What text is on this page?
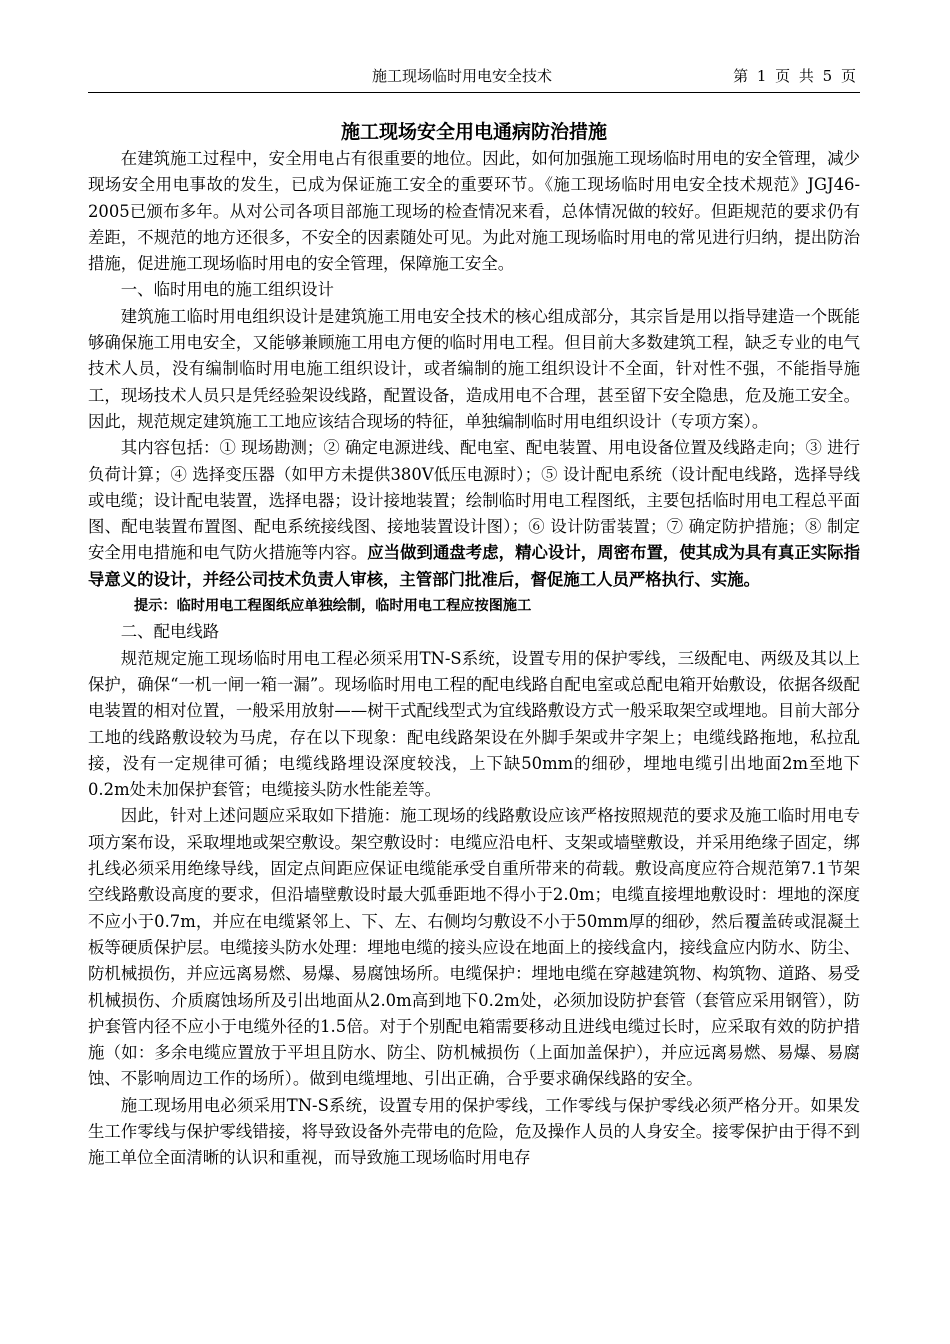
施工现场临时用电安全技术	第 1 页 共 5 页
施工现场安全用电通病防治措施

在建筑施工过程中，安全用电占有很重要的地位。因此，如何加强施工现场临时用电的安全管理，减少现场安全用电事故的发生，已成为保证施工安全的重要环节。《施工现场临时用电安全技术规范》JGJ46-2005已颁布多年。从对公司各项目部施工现场的检查情况来看，总体情况做的较好。但距规范的要求仍有差距，不规范的地方还很多，不安全的因素随处可见。为此对施工现场临时用电的常见进行归纳，提出防治措施，促进施工现场临时用电的安全管理，保障施工安全。

一、临时用电的施工组织设计

建筑施工临时用电组织设计是建筑施工用电安全技术的核心组成部分，其宗旨是用以指导建造一个既能够确保施工用电安全，又能够兼顾施工用电方便的临时用电工程。但目前大多数建筑工程，缺乏专业的电气技术人员，没有编制临时用电施工组织设计，或者编制的施工组织设计不全面，针对性不强，不能指导施工，现场技术人员只是凭经验架设线路，配置设备，造成用电不合理，甚至留下安全隐患，危及施工安全。因此，规范规定建筑施工工地应该结合现场的特征，单独编制临时用电组织设计（专项方案）。

其内容包括：① 现场勘测；② 确定电源进线、配电室、配电装置、用电设备位置及线路走向；③ 进行负荷计算；④ 选择变压器（如甲方未提供380V低压电源时）；⑤ 设计配电系统（设计配电线路，选择导线或电缆；设计配电装置，选择电器；设计接地装置；绘制临时用电工程图纸，主要包括临时用电工程总平面图、配电装置布置图、配电系统接线图、接地装置设计图）；⑥ 设计防雷装置；⑦ 确定防护措施；⑧ 制定安全用电措施和电气防火措施等内容。应当做到通盘考虑，精心设计，周密布置，使其成为具有真正实际指导意义的设计，并经公司技术负责人审核，主管部门批准后，督促施工人员严格执行、实施。

提示：临时用电工程图纸应单独绘制，临时用电工程应按图施工

二、配电线路

规范规定施工现场临时用电工程必须采用TN-S系统，设置专用的保护零线，三级配电、两级及其以上保护，确保“一机一闸一箱一漏”。现场临时用电工程的配电线路自配电室或总配电箱开始敷设，依据各级配电装置的相对位置，一般采用放射——树干式配线型式为宜线路敷设方式一般采取架空或埋地。目前大部分工地的线路敷设较为马虎，存在以下现象：配电线路架设在外脚手架或井字架上；电缆线路拖地，私拉乱接，没有一定规律可循；电缆线路埋设深度较浅，上下缺50mm的细砂，埋地电缆引出地面2m至地下0.2m处未加保护套管；电缆接头防水性能差等。

因此，针对上述问题应采取如下措施：施工现场的线路敷设应该严格按照规范的要求及施工临时用电专项方案布设，采取埋地或架空敷设。架空敷设时：电缆应沿电杆、支架或墙壁敷设，并采用绝缘子固定，绑扎线必须采用绝缘导线，固定点间距应保证电缆能承受自重所带来的荷载。敷设高度应符合规范第7.1节架空线路敷设高度的要求，但沿墙壁敷设时最大弧垂距地不得小于2.0m；电缆直接埋地敷设时：埋地的深度不应小于0.7m，并应在电缆紧邻上、下、左、右侧均匀敷设不小于50mm厚的细砂，然后覆盖砖或混凝土板等硬质保护层。电缆接头防水处理：埋地电缆的接头应设在地面上的接线盒内，接线盒应内防水、防尘、防机械损伤，并应远离易燃、易爆、易腐蚀场所。电缆保护：埋地电缆在穿越建筑物、构筑物、道路、易受机械损伤、介质腐蚀场所及引出地面从2.0m高到地下0.2m处，必须加设防护套管（套管应采用钢管），防护套管内径不应小于电缆外径的1.5倍。对于个别配电箱需要移动且进线电缆过长时，应采取有效的防护措施（如：多余电缆应置放于平坦且防水、防尘、防机械损伤（上面加盖保护），并应远离易燃、易爆、易腐蚀、不影响周边工作的场所）。做到电缆埋地、引出正确，合乎要求确保线路的安全。

施工现场用电必须采用TN-S系统，设置专用的保护零线，工作零线与保护零线必须严格分开。如果发生工作零线与保护零线错接，将导致设备外壳带电的危险，危及操作人员的人身安全。接零保护由于得不到施工单位全面清晰的认识和重视，而导致施工现场临时用电存
